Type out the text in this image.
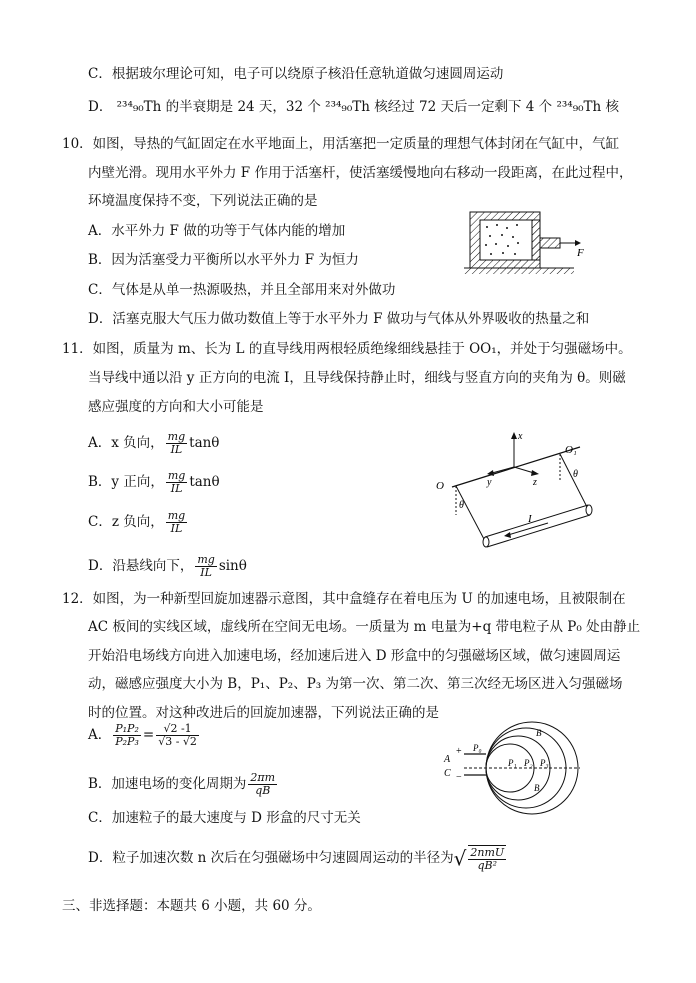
C．根据玻尔理论可知，电子可以绕原子核沿任意轨道做匀速圆周运动
D． ²³⁴₉₀Th 的半衰期是 24 天，32 个 ²³⁴₉₀Th 核经过 72 天后一定剩下 4 个 ²³⁴₉₀Th 核
10．如图，导热的气缸固定在水平地面上，用活塞把一定质量的理想气体封闭在气缸中，气缸
内壁光滑。现用水平外力 F 作用于活塞杆，使活塞缓慢地向右移动一段距离，在此过程中，
环境温度保持不变，下列说法正确的是
A．水平外力 F 做的功等于气体内能的增加
B．因为活塞受力平衡所以水平外力 F 为恒力
C．气体是从单一热源吸热，并且全部用来对外做功
D．活塞克服大气压力做功数值上等于水平外力 F 做功与气体从外界吸收的热量之和
F
11．如图，质量为 m、长为 L 的直导线用两根轻质绝缘细线悬挂于 OO₁，并处于匀强磁场中。
当导线中通以沿 y 正方向的电流 I，且导线保持静止时，细线与竖直方向的夹角为 θ。则磁
感应强度的方向和大小可能是
A．x 负向， $\frac{mg}{IL}$ tanθ
B．y 正向， $\frac{mg}{IL}$ tanθ
C．z 负向， $\frac{mg}{IL}$
D．沿悬线向下， $\frac{mg}{IL}$ sinθ
x
y	z
O
O₁
θ
θ
I
12．如图，为一种新型回旋加速器示意图，其中盒缝存在着电压为 U 的加速电场，且被限制在
AC 板间的实线区域，虚线所在空间无电场。一质量为 m 电量为+q 带电粒子从 P₀ 处由静止
开始沿电场线方向进入加速电场，经加速后进入 D 形盒中的匀强磁场区域，做匀速圆周运
动，磁感应强度大小为 B，P₁、P₂、P₃ 为第一次、第二次、第三次经无场区进入匀强磁场
时的位置。对这种改进后的回旋加速器，下列说法正确的是
A． $\frac{\text{P₁P₂}}{\text{P₂P₃}} = \frac{√2 -1}{√3 - √2}$
B．加速电场的变化周期为 $\frac{2\pi m}{qB}$
C．加速粒子的最大速度与 D 形盒的尺寸无关
D．粒子加速次数 n 次后在匀强磁场中匀速圆周运动的半径为√ $\frac{\text{2nmU}}{\text{qB²}}$
+
−
A
C
P₀
P₁ P₂ P₃
B
B
三、非选择题：本题共 6 小题，共 60 分。
